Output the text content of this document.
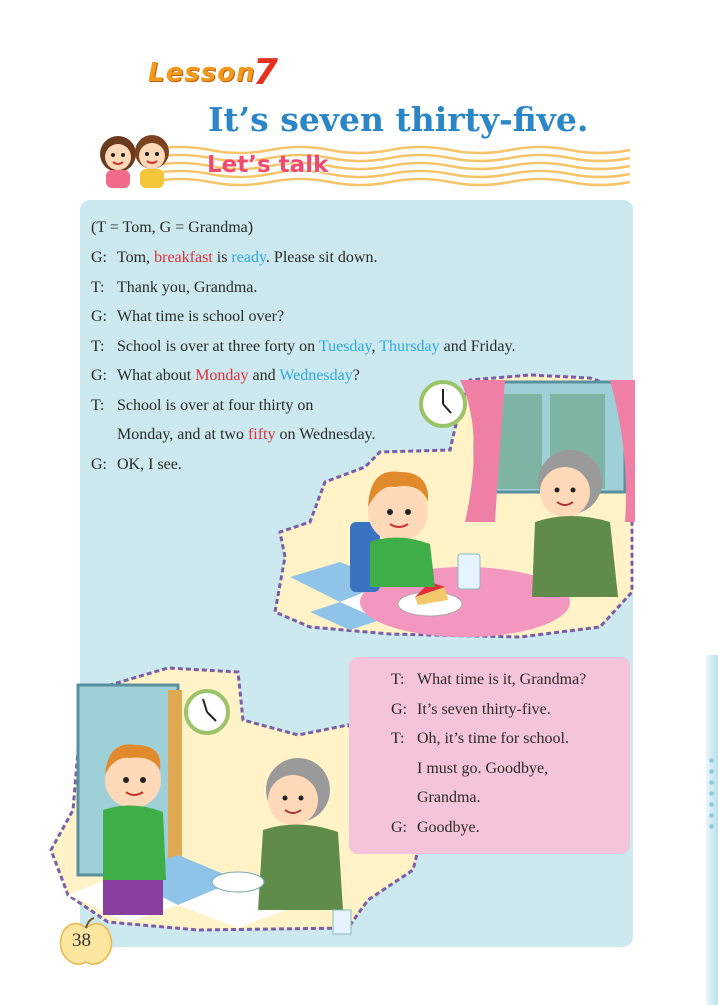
Lesson
7
It’s seven thirty-five.
Let’s talk
(T = Tom, G = Grandma)
G: Tom, breakfast is ready. Please sit down.
T: Thank you, Grandma.
G: What time is school over?
T: School is over at three forty on Tuesday, Thursday and Friday.
G: What about Monday and Wednesday?
T: School is over at four thirty on
Monday, and at two fifty on Wednesday.
G: OK, I see.
T: What time is it, Grandma?
G: It’s seven thirty-five.
T: Oh, it’s time for school.
I must go. Goodbye,
Grandma.
G: Goodbye.
38
